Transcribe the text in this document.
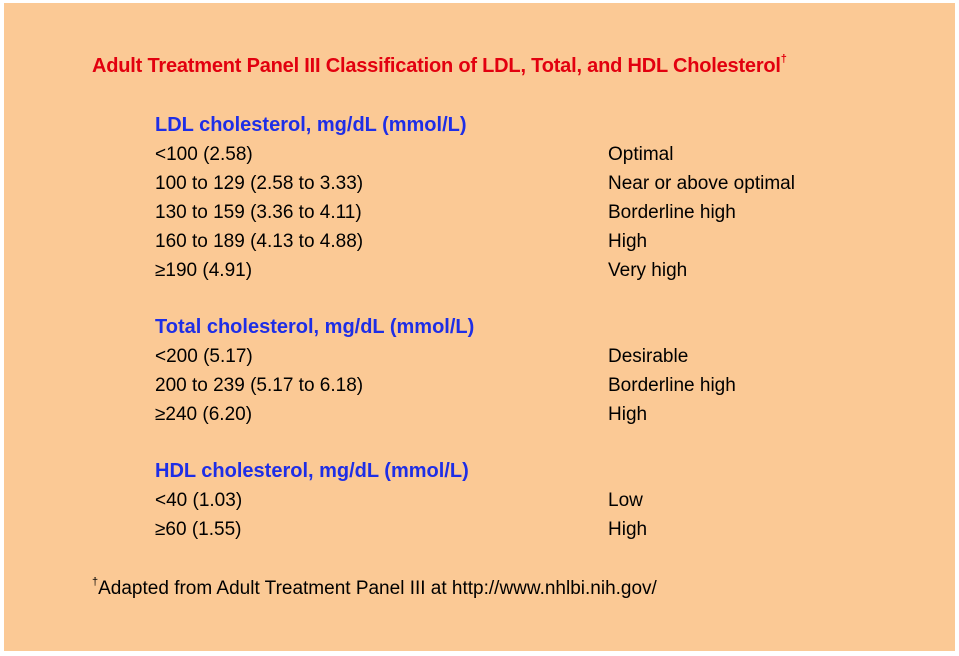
Adult Treatment Panel III Classification of LDL, Total, and HDL Cholesterol†
LDL cholesterol, mg/dL (mmol/L)
<100 (2.58)	Optimal
100 to 129 (2.58 to 3.33)	Near or above optimal
130 to 159 (3.36 to 4.11)	Borderline high
160 to 189 (4.13 to 4.88)	High
≥190 (4.91)	Very high
Total cholesterol, mg/dL (mmol/L)
<200 (5.17)	Desirable
200 to 239 (5.17 to 6.18)	Borderline high
≥240 (6.20)	High
HDL cholesterol, mg/dL (mmol/L)
<40 (1.03)	Low
≥60 (1.55)	High
†Adapted from Adult Treatment Panel III at http://www.nhlbi.nih.gov/
